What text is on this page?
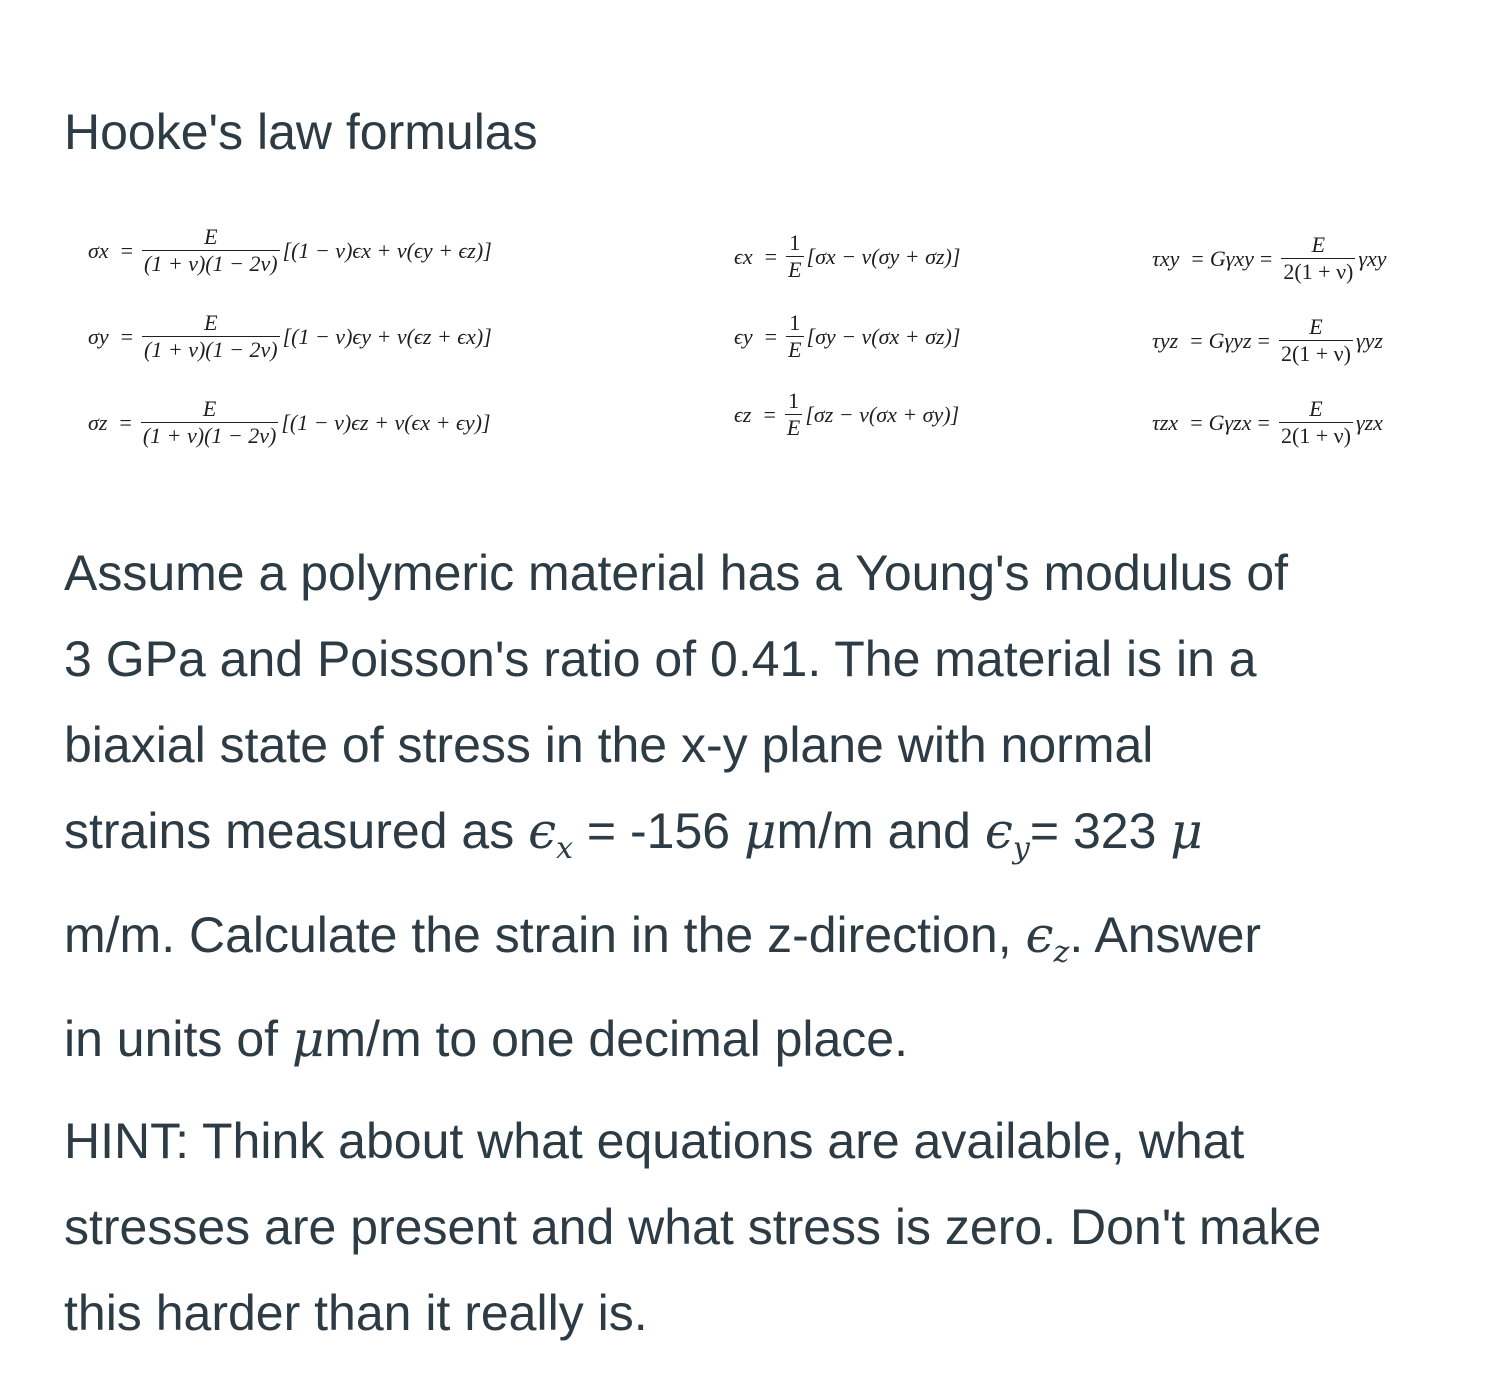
Hooke's law formulas
$\sigma x = \frac{E}{(1 + \nu)(1 - 2\nu)} [(1 - \nu)\epsilon x + \nu(\epsilon y + \epsilon z)]$
$\sigma y = \frac{E}{(1 + \nu)(1 - 2\nu)} [(1 - \nu)\epsilon y + \nu(\epsilon z + \epsilon x)]$
$\sigma z = \frac{E}{(1 + \nu)(1 - 2\nu)} [(1 - \nu)\epsilon z + \nu(\epsilon x + \epsilon y)]$
$\epsilon x = \frac{1}{E} [\sigma x - \nu(\sigma y + \sigma z)]$
$\epsilon y = \frac{1}{E} [\sigma y - \nu(\sigma x + \sigma z)]$
$\epsilon z = \frac{1}{E} [\sigma z - \nu(\sigma x + \sigma y)]$
$\tau xy = G\gamma xy = \frac{E}{2(1 + \nu)}$ γxy
$\tau yz = G\gamma yz = \frac{E}{2(1 + \nu)}$ γyz
$\tau zx = G\gamma zx = \frac{E}{2(1 + \nu)}$ γzx
Assume a polymeric material has a Young's modulus of
3 GPa and Poisson's ratio of 0.41. The material is in a
biaxial state of stress in the x-y plane with normal
strains measured as $\epsilon_x = -156$ μm/m and $\epsilon_y= 323$ μ
m/m. Calculate the strain in the z-direction, $\epsilon_z$. Answer
in units of μm/m to one decimal place.
HINT: Think about what equations are available, what
stresses are present and what stress is zero. Don't make
this harder than it really is.
